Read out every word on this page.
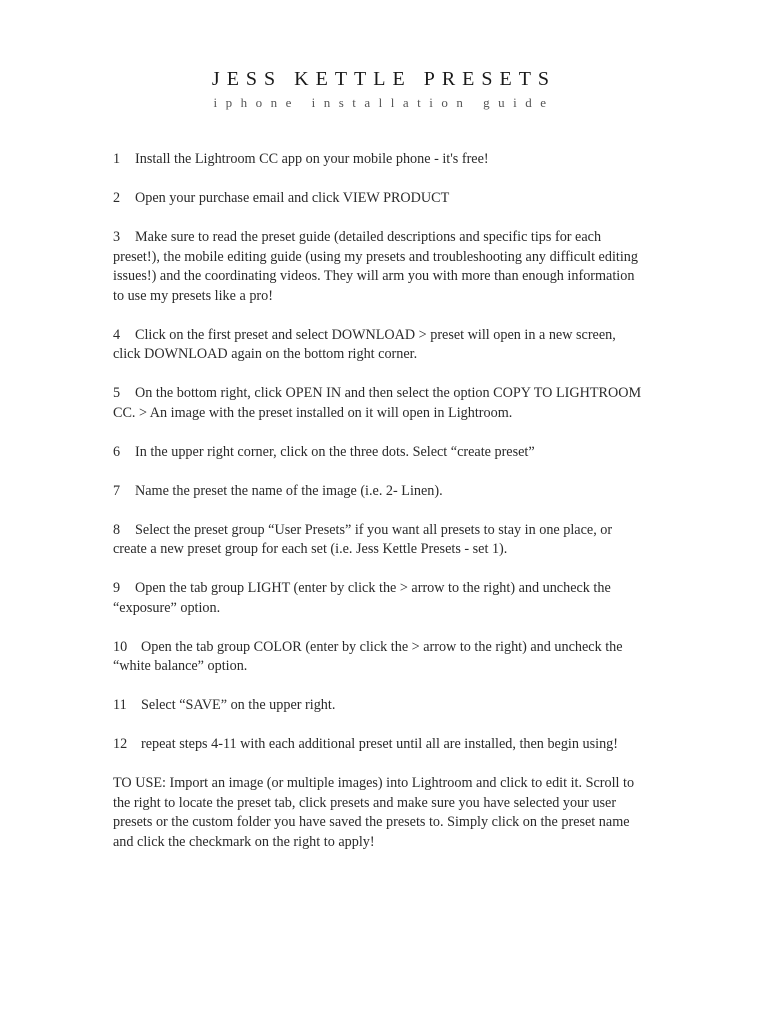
JESS KETTLE PRESETS
iphone installation guide

1 Install the Lightroom CC app on your mobile phone - it's free!

2 Open your purchase email and click VIEW PRODUCT

3 Make sure to read the preset guide (detailed descriptions and specific tips for each preset!), the mobile editing guide (using my presets and troubleshooting any difficult editing issues!) and the coordinating videos. They will arm you with more than enough information to use my presets like a pro!

4 Click on the first preset and select DOWNLOAD > preset will open in a new screen, click DOWNLOAD again on the bottom right corner.

5 On the bottom right, click OPEN IN and then select the option COPY TO LIGHTROOM CC. > An image with the preset installed on it will open in Lightroom.

6 In the upper right corner, click on the three dots. Select “create preset”

7 Name the preset the name of the image (i.e. 2- Linen).

8 Select the preset group “User Presets” if you want all presets to stay in one place, or create a new preset group for each set (i.e. Jess Kettle Presets - set 1).

9 Open the tab group LIGHT (enter by click the > arrow to the right) and uncheck the “exposure” option.

10 Open the tab group COLOR (enter by click the > arrow to the right) and uncheck the “white balance” option.

11 Select “SAVE” on the upper right.

12 repeat steps 4-11 with each additional preset until all are installed, then begin using!

TO USE: Import an image (or multiple images) into Lightroom and click to edit it. Scroll to the right to locate the preset tab, click presets and make sure you have selected your user presets or the custom folder you have saved the presets to. Simply click on the preset name and click the checkmark on the right to apply!
